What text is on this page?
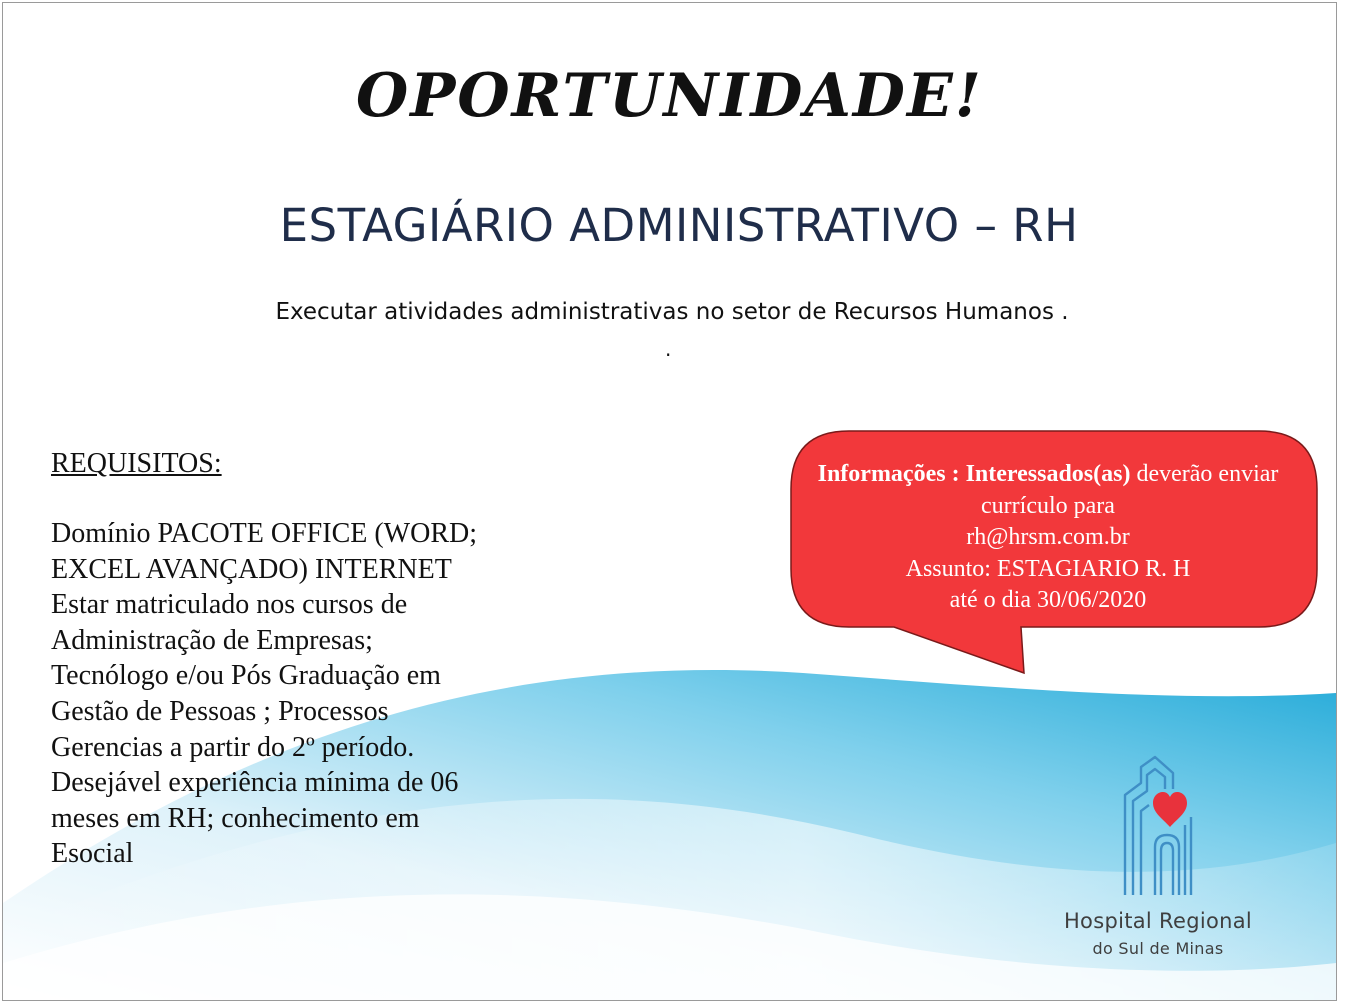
OPORTUNIDADE!
ESTAGIÁRIO ADMINISTRATIVO – RH
Executar atividades administrativas no setor de Recursos Humanos .
.
REQUISITOS:
Domínio PACOTE OFFICE (WORD;
EXCEL AVANÇADO) INTERNET
Estar matriculado nos cursos de
Administração de Empresas;
Tecnólogo e/ou Pós Graduação em
Gestão de Pessoas ; Processos
Gerencias a partir do 2º período.
Desejável experiência mínima de 06
meses em RH; conhecimento em
Esocial
Informações : Interessados(as) deverão enviar
currículo para
rh@hrsm.com.br
Assunto: ESTAGIARIO R. H
até o dia 30/06/2020
Hospital Regional
do Sul de Minas
